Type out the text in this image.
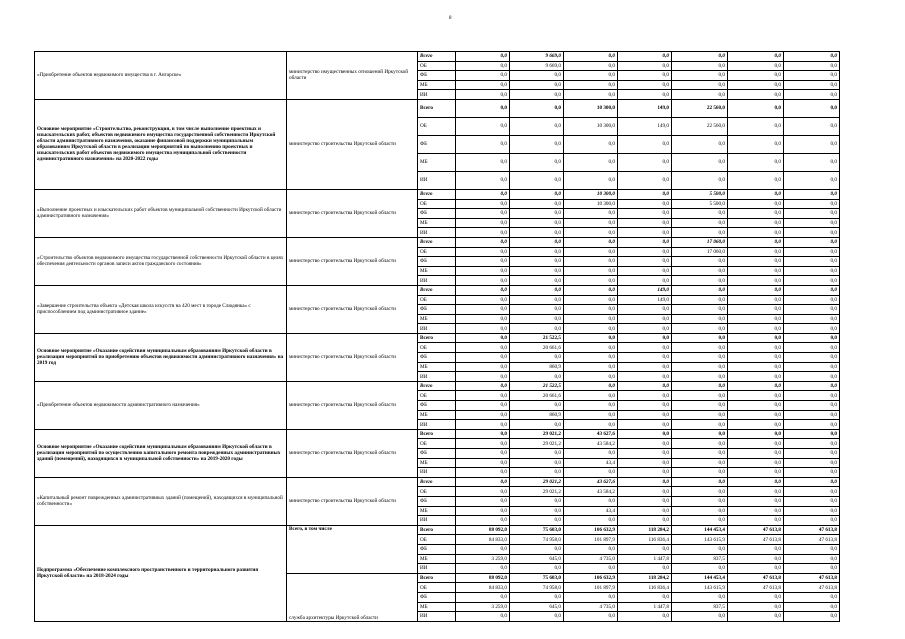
8
«Приобретение объектов недвижимого имущества в г. Ангарске»	министерство имущественных отношений Иркутской области	Всего	0,0	9 669,0	0,0	0,0	0,0	0,0	0,0
		ОБ	0,0	9 669,0	0,0	0,0	0,0	0,0	0,0
		ФБ	0,0	0,0	0,0	0,0	0,0	0,0	0,0
		МБ	0,0	0,0	0,0	0,0	0,0	0,0	0,0
		ИИ	0,0	0,0	0,0	0,0	0,0	0,0	0,0
Основное мероприятие «Строительство, реконструкция, в том числе выполнение проектных и изыскательских работ, объектов недвижимого имущества государственной собственности Иркутской области административного назначения, оказание финансовой поддержки муниципальным образованиям Иркутской области в реализации мероприятий по выполнению проектных и изыскательских работ объектов недвижимого имущества муниципальной собственности административного назначения» на 2020-2022 годы	министерство строительства Иркутской области	Всего	0,0	0,0	10 300,0	149,0	22 560,0	0,0	0,0
		ОБ	0,0	0,0	10 300,0	149,0	22 560,0	0,0	0,0
		ФБ	0,0	0,0	0,0	0,0	0,0	0,0	0,0
		МБ	0,0	0,0	0,0	0,0	0,0	0,0	0,0
		ИИ	0,0	0,0	0,0	0,0	0,0	0,0	0,0
«Выполнение проектных и изыскательских работ объектов муниципальной собственности Иркутской области административного назначения»	министерство строительства Иркутской области	Всего	0,0	0,0	10 300,0	0,0	5 500,0	0,0	0,0
		ОБ	0,0	0,0	10 300,0	0,0	5 500,0	0,0	0,0
		ФБ	0,0	0,0	0,0	0,0	0,0	0,0	0,0
		МБ	0,0	0,0	0,0	0,0	0,0	0,0	0,0
		ИИ	0,0	0,0	0,0	0,0	0,0	0,0	0,0
«Строительство объектов недвижимого имущества государственной собственности Иркутской области в целях обеспечения деятельности органов записи актов гражданского состояния»	министерство строительства Иркутской области	Всего	0,0	0,0	0,0	0,0	17 060,0	0,0	0,0
		ОБ	0,0	0,0	0,0	0,0	17 060,0	0,0	0,0
		ФБ	0,0	0,0	0,0	0,0	0,0	0,0	0,0
		МБ	0,0	0,0	0,0	0,0	0,0	0,0	0,0
		ИИ	0,0	0,0	0,0	0,0	0,0	0,0	0,0
«Завершение строительства объекта «Детская школа искусств на 420 мест в городе Слюдянка» с приспособлением под административное здание»	министерство строительства Иркутской области	Всего	0,0	0,0	0,0	149,0	0,0	0,0	0,0
		ОБ	0,0	0,0	0,0	149,0	0,0	0,0	0,0
		ФБ	0,0	0,0	0,0	0,0	0,0	0,0	0,0
		МБ	0,0	0,0	0,0	0,0	0,0	0,0	0,0
		ИИ	0,0	0,0	0,0	0,0	0,0	0,0	0,0
Основное мероприятие «Оказание содействия муниципальным образованиям Иркутской области в реализации мероприятий по приобретению объектов недвижимости административного назначения» на 2019 год	министерство строительства Иркутской области	Всего	0,0	21 522,5	0,0	0,0	0,0	0,0	0,0
		ОБ	0,0	20 661,6	0,0	0,0	0,0	0,0	0,0
		ФБ	0,0	0,0	0,0	0,0	0,0	0,0	0,0
		МБ	0,0	860,9	0,0	0,0	0,0	0,0	0,0
		ИИ	0,0	0,0	0,0	0,0	0,0	0,0	0,0
«Приобретение объектов недвижимости административного назначения»	министерство строительства Иркутской области	Всего	0,0	21 522,5	0,0	0,0	0,0	0,0	0,0
		ОБ	0,0	20 661,6	0,0	0,0	0,0	0,0	0,0
		ФБ	0,0	0,0	0,0	0,0	0,0	0,0	0,0
		МБ	0,0	860,9	0,0	0,0	0,0	0,0	0,0
		ИИ	0,0	0,0	0,0	0,0	0,0	0,0	0,0
Основное мероприятие «Оказание содействия муниципальным образованиям Иркутской области в реализации мероприятий по осуществлению капитального ремонта поврежденных административных зданий (помещений), находящихся в муниципальной собственности» на 2019-2020 годы	министерство строительства Иркутской области	Всего	0,0	29 021,2	43 627,6	0,0	0,0	0,0	0,0
		ОБ	0,0	29 021,2	43 584,2	0,0	0,0	0,0	0,0
		ФБ	0,0	0,0	0,0	0,0	0,0	0,0	0,0
		МБ	0,0	0,0	43,4	0,0	0,0	0,0	0,0
		ИИ	0,0	0,0	0,0	0,0	0,0	0,0	0,0
«Капитальный ремонт поврежденных административных зданий (помещений), находящихся в муниципальной собственности»	министерство строительства Иркутской области	Всего	0,0	29 021,2	43 627,6	0,0	0,0	0,0	0,0
		ОБ	0,0	29 021,2	43 584,2	0,0	0,0	0,0	0,0
		ФБ	0,0	0,0	0,0	0,0	0,0	0,0	0,0
		МБ	0,0	0,0	43,4	0,0	0,0	0,0	0,0
		ИИ	0,0	0,0	0,0	0,0	0,0	0,0	0,0
Подпрограмма «Обеспечение комплексного пространственного и территориального развития Иркутской области» на 2018-2024 годы	Всего, в том числе	Всего	88 092,0	75 603,0	106 632,9	118 284,2	144 453,4	47 613,8	47 613,8
		ОБ	84 833,0	74 958,0	101 897,9	116 836,4	143 615,9	47 613,8	47 613,8
		ФБ	0,0	0,0	0,0	0,0	0,0	0,0	0,0
		МБ	3 259,0	645,0	4 735,0	1 447,8	837,5	0,0	0,0
		ИИ	0,0	0,0	0,0	0,0	0,0	0,0	0,0
	служба архитектуры Иркутской области	Всего	88 092,0	75 603,0	106 632,9	118 284,2	144 453,4	47 613,8	47 613,8
		ОБ	84 833,0	74 958,0	101 897,9	116 836,4	143 615,9	47 613,8	47 613,8
		ФБ	0,0	0,0	0,0	0,0	0,0	0,0	0,0
		МБ	3 259,0	645,0	4 735,0	1 447,8	837,5	0,0	0,0
		ИИ	0,0	0,0	0,0	0,0	0,0	0,0	0,0
